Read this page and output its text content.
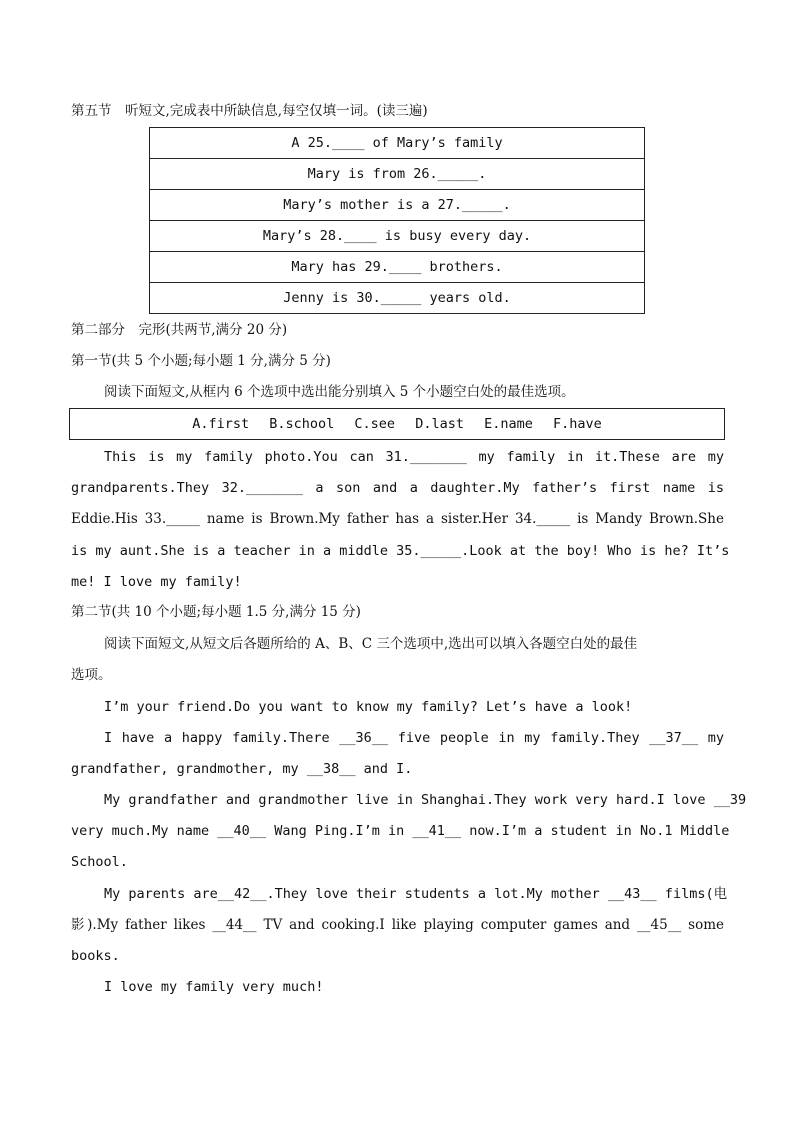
第五节　听短文,完成表中所缺信息,每空仅填一词。(读三遍)
A 25.____ of Mary’s family
Mary is from 26._____.
Mary’s mother is a 27._____.
Mary’s 28.____ is busy every day.
Mary has 29.____ brothers.
Jenny is 30._____ years old.
第二部分　完形(共两节,满分 20 分)
第一节(共 5 个小题;每小题 1 分,满分 5 分)
阅读下面短文,从框内 6 个选项中选出能分别填入 5 个小题空白处的最佳选项。
A.first B.school C.see D.last E.name F.have
This is my family photo.You can 31._______ my family in it.These are my
grandparents.They 32._______ a son and a daughter.My father’s first name is
Eddie.His 33._____ name is Brown.My father has a sister.Her 34._____ is Mandy Brown.She
is my aunt.She is a teacher in a middle 35._____.Look at the boy! Who is he? It’s
me! I love my family!
第二节(共 10 个小题;每小题 1.5 分,满分 15 分)
阅读下面短文,从短文后各题所给的 A、B、C 三个选项中,选出可以填入各题空白处的最佳
选项。
I’m your friend.Do you want to know my family? Let’s have a look!
I have a happy family.There __36__ five people in my family.They __37__ my
grandfather, grandmother, my __38__ and I.
My grandfather and grandmother live in Shanghai.They work very hard.I love __39
very much.My name __40__ Wang Ping.I’m in __41__ now.I’m a student in No.1 Middle
School.
My parents are__42__.They love their students a lot.My mother __43__ films(电
影).My father likes __44__ TV and cooking.I like playing computer games and __45__ some
books.
I love my family very much!
